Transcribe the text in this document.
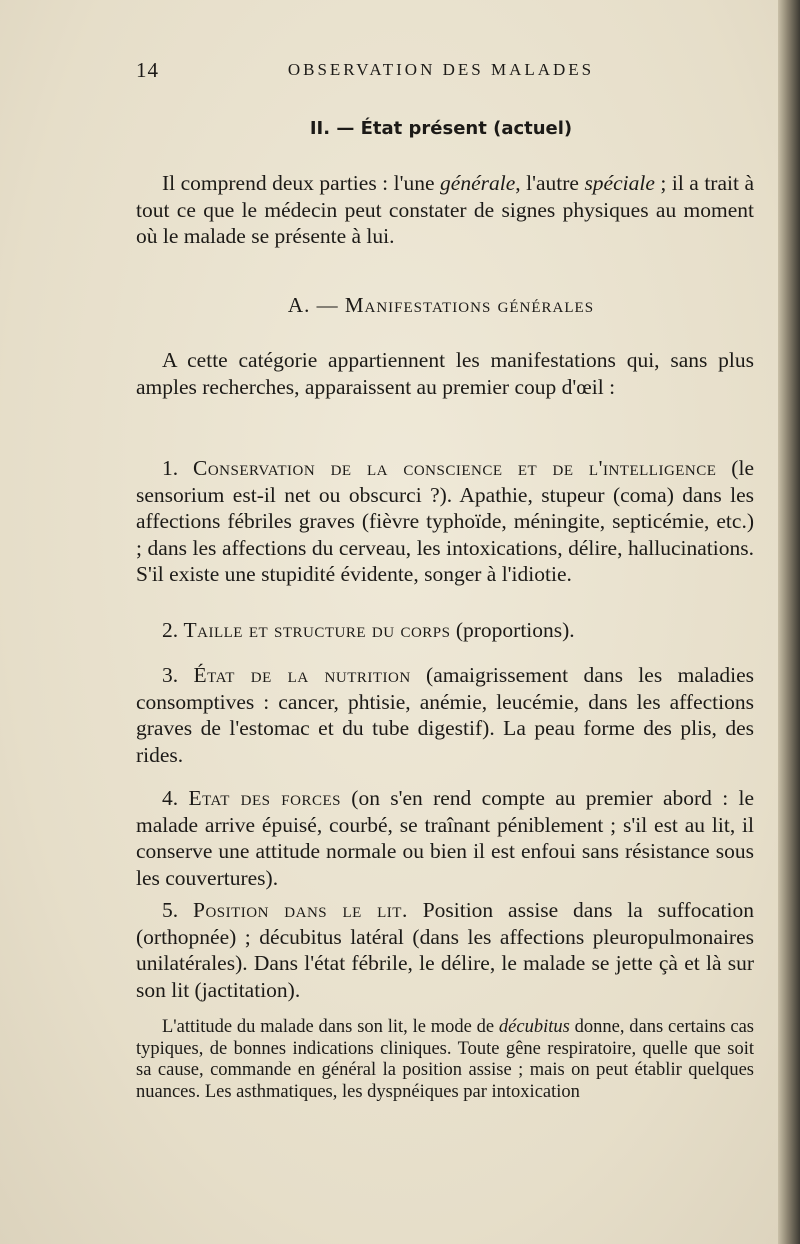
14	OBSERVATION DES MALADES
II. — État présent (actuel)

Il comprend deux parties : l'une générale, l'autre spéciale ; il a trait à tout ce que le médecin peut constater de signes physiques au moment où le malade se présente à lui.

A. — Manifestations générales

A cette catégorie appartiennent les manifestations qui, sans plus amples recherches, apparaissent au premier coup d'œil :

1. Conservation de la conscience et de l'intelligence (le sensorium est-il net ou obscurci ?). Apathie, stupeur (coma) dans les affections fébriles graves (fièvre typhoïde, méningite, septicémie, etc.) ; dans les affections du cerveau, les intoxications, délire, hallucinations. S'il existe une stupidité évidente, songer à l'idiotie.

2. Taille et structure du corps (proportions).

3. État de la nutrition (amaigrissement dans les maladies consomptives : cancer, phtisie, anémie, leucémie, dans les affections graves de l'estomac et du tube digestif). La peau forme des plis, des rides.

4. Etat des forces (on s'en rend compte au premier abord : le malade arrive épuisé, courbé, se traînant péniblement ; s'il est au lit, il conserve une attitude normale ou bien il est enfoui sans résistance sous les couvertures).

5. Position dans le lit. Position assise dans la suffocation (orthopnée) ; décubitus latéral (dans les affections pleuropulmonaires unilatérales). Dans l'état fébrile, le délire, le malade se jette çà et là sur son lit (jactitation).

L'attitude du malade dans son lit, le mode de décubitus donne, dans certains cas typiques, de bonnes indications cliniques. Toute gêne respiratoire, quelle que soit sa cause, commande en général la position assise ; mais on peut établir quelques nuances. Les asthmatiques, les dyspnéiques par intoxication
